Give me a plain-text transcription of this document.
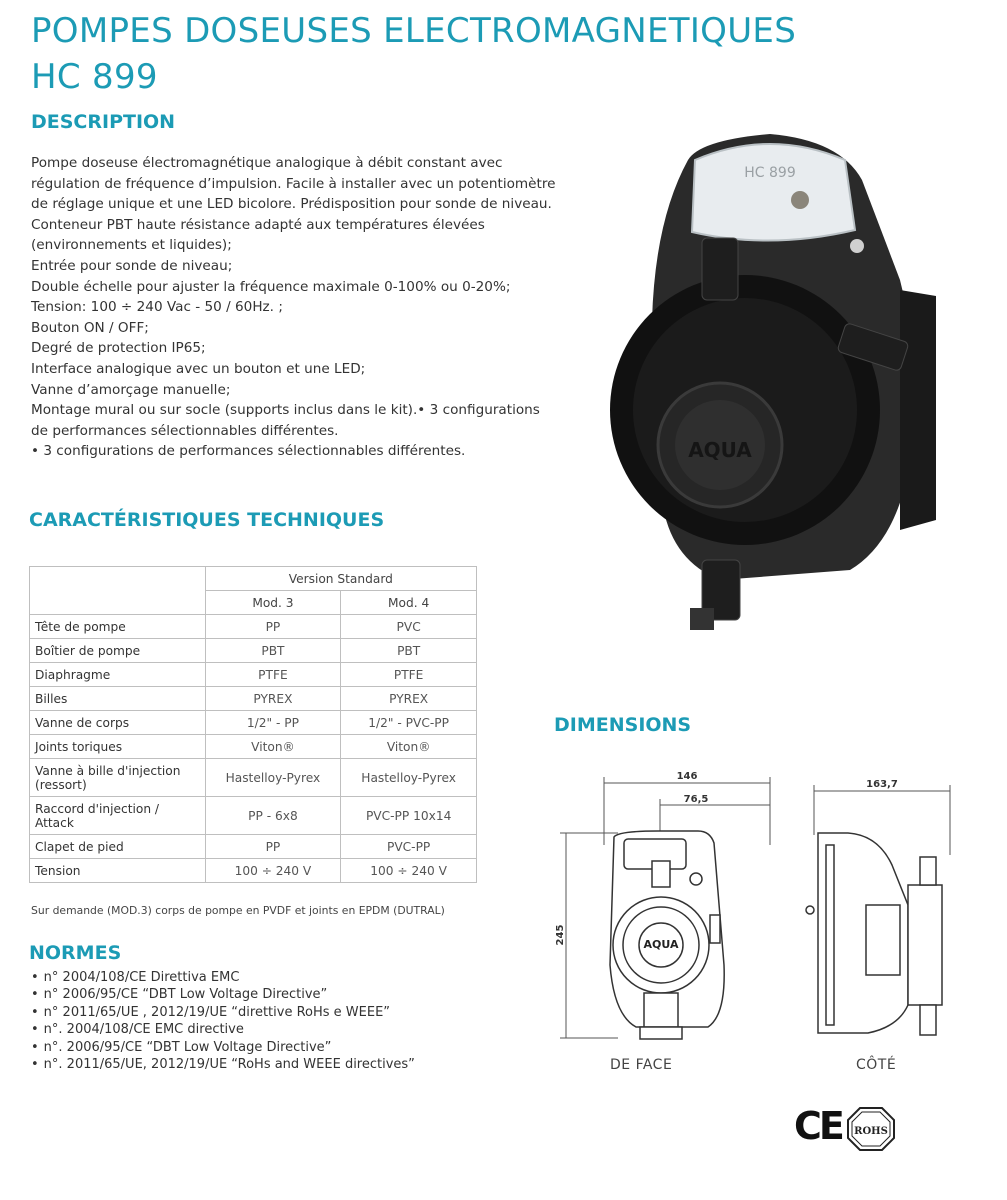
POMPES DOSEUSES ELECTROMAGNETIQUES
HC 899
DESCRIPTION
Pompe doseuse électromagnétique analogique à débit constant avec régulation de fréquence d’impulsion. Facile à installer avec un potentiomètre de réglage unique et une LED bicolore. Prédisposition pour sonde de niveau.
Conteneur PBT haute résistance adapté aux températures élevées (environnements et liquides);
Entrée pour sonde de niveau;
Double échelle pour ajuster la fréquence maximale 0-100% ou 0-20%;
Tension: 100 ÷ 240 Vac - 50 / 60Hz. ;
Bouton ON / OFF;
Degré de protection IP65;
Interface analogique avec un bouton et une LED;
Vanne d’amorçage manuelle;
Montage mural ou sur socle (supports inclus dans le kit).• 3 configurations de performances sélectionnables différentes.
• 3 configurations de performances sélectionnables différentes.
HC 899
AQUA
CARACTÉRISTIQUES TECHNIQUES
	Version Standard	
	Mod. 3	Mod. 4
Tête de pompe	PP	PVC
Boîtier de pompe	PBT	PBT
Diaphragme	PTFE	PTFE
Billes	PYREX	PYREX
Vanne de corps	1/2" - PP	1/2" - PVC-PP
Joints toriques	Viton®	Viton®
Vanne à bille d'injection (ressort)	Hastelloy-Pyrex	Hastelloy-Pyrex
Raccord d'injection / Attack	PP - 6x8	PVC-PP 10x14
Clapet de pied	PP	PVC-PP
Tension	100 ÷ 240 V	100 ÷ 240 V
Sur demande (MOD.3) corps de pompe en PVDF et joints en EPDM (DUTRAL)
NORMES
• n° 2004/108/CE Direttiva EMC
• n° 2006/95/CE “DBT Low Voltage Directive”
• n° 2011/65/UE , 2012/19/UE “direttive RoHs e WEEE”
• n°. 2004/108/CE EMC directive
• n°. 2006/95/CE “DBT Low Voltage Directive”
• n°. 2011/65/UE, 2012/19/UE “RoHs and WEEE directives”
DIMENSIONS
146
76,5
245
163,7
AQUA
DE FACE	CÔTÉ
CE ROHS
